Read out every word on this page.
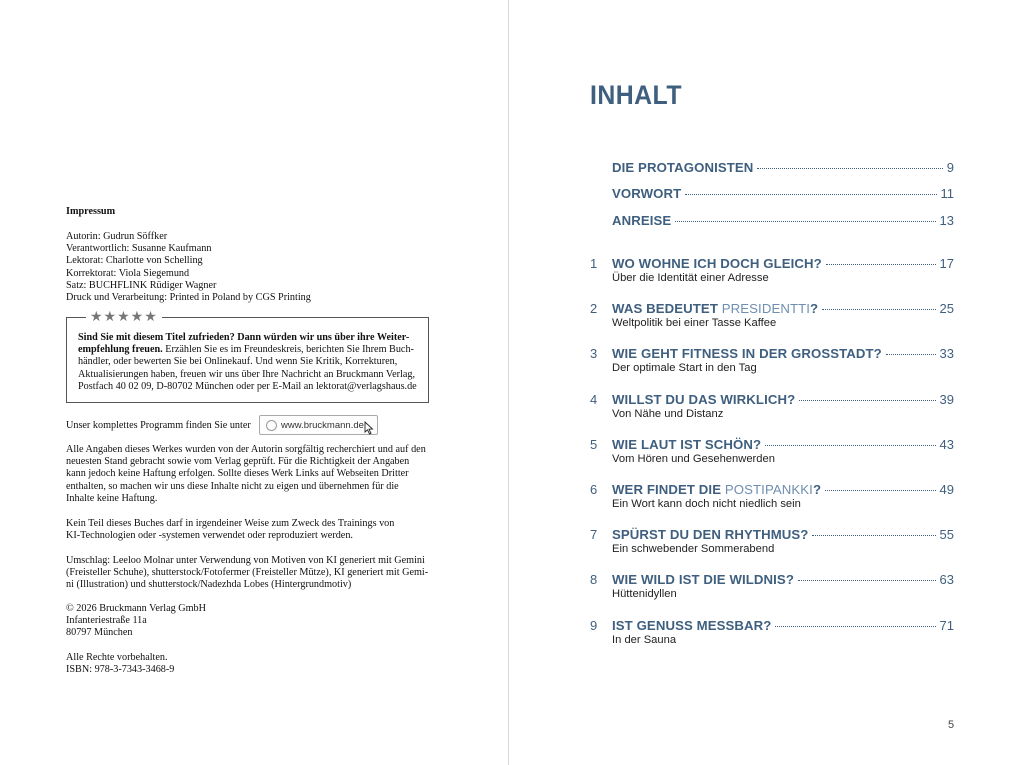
Impressum
Autorin: Gudrun Söffker
Verantwortlich: Susanne Kaufmann
Lektorat: Charlotte von Schelling
Korrektorat: Viola Siegemund
Satz: BUCHFLINK Rüdiger Wagner
Druck und Verarbeitung: Printed in Poland by CGS Printing
★★★★★
Sind Sie mit diesem Titel zufrieden? Dann würden wir uns über ihre Weiter-
empfehlung freuen. Erzählen Sie es im Freundeskreis, berichten Sie Ihrem Buch-
händler, oder bewerten Sie bei Onlinekauf. Und wenn Sie Kritik, Korrekturen,
Aktualisierungen haben, freuen wir uns über Ihre Nachricht an Bruckmann Verlag,
Postfach 40 02 09, D-80702 München oder per E-Mail an lektorat@verlagshaus.de
Unser komplettes Programm finden Sie unter	www.bruckmann.de
Alle Angaben dieses Werkes wurden von der Autorin sorgfältig recherchiert und auf den
neuesten Stand gebracht sowie vom Verlag geprüft. Für die Richtigkeit der Angaben
kann jedoch keine Haftung erfolgen. Sollte dieses Werk Links auf Webseiten Dritter
enthalten, so machen wir uns diese Inhalte nicht zu eigen und übernehmen für die
Inhalte keine Haftung.
Kein Teil dieses Buches darf in irgendeiner Weise zum Zweck des Trainings von
KI-Technologien oder -systemen verwendet oder reproduziert werden.
Umschlag: Leeloo Molnar unter Verwendung von Motiven von KI generiert mit Gemini
(Freisteller Schuhe), shutterstock/Fotofermer (Freisteller Mütze), KI generiert mit Gemi-
ni (Illustration) und shutterstock/Nadezhda Lobes (Hintergrundmotiv)
© 2026 Bruckmann Verlag GmbH
Infanteriestraße 11a
80797 München
Alle Rechte vorbehalten.
ISBN: 978-3-7343-3468-9
INHALT
DIE PROTAGONISTEN	9
VORWORT	11
ANREISE	13
1 WO WOHNE ICH DOCH GLEICH?	17
Über die Identität einer Adresse
2 WAS BEDEUTET PRESIDENTTI?	25
Weltpolitik bei einer Tasse Kaffee
3 WIE GEHT FITNESS IN DER GROSSTADT?	33
Der optimale Start in den Tag
4 WILLST DU DAS WIRKLICH?	39
Von Nähe und Distanz
5 WIE LAUT IST SCHÖN?	43
Vom Hören und Gesehenwerden
6 WER FINDET DIE POSTIPANKKI?	49
Ein Wort kann doch nicht niedlich sein
7 SPÜRST DU DEN RHYTHMUS?	55
Ein schwebender Sommerabend
8 WIE WILD IST DIE WILDNIS?	63
Hüttenidyllen
9 IST GENUSS MESSBAR?	71
In der Sauna
5
